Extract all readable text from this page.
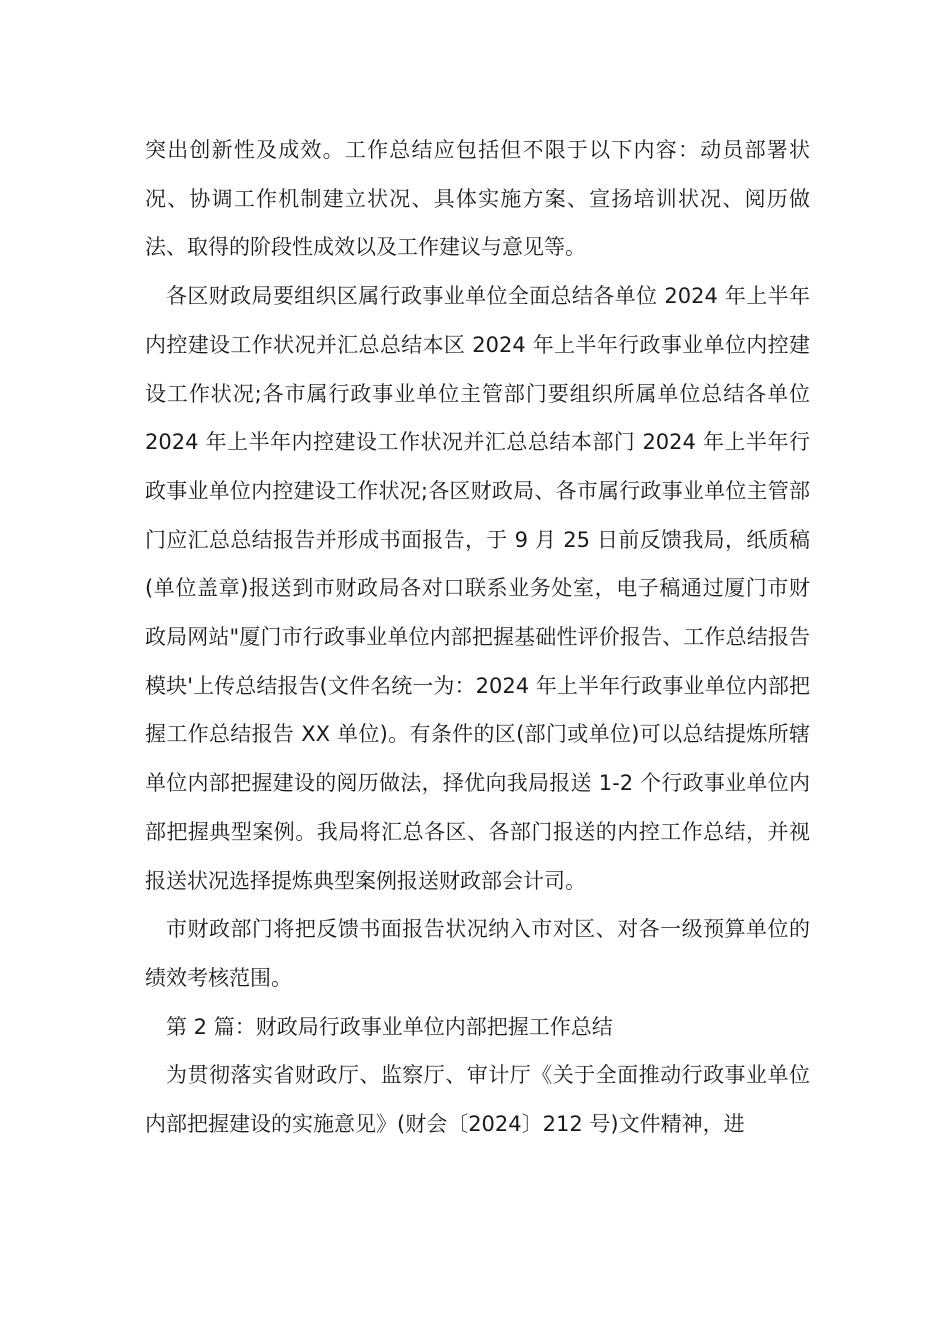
突出创新性及成效。工作总结应包括但不限于以下内容：动员部署状况、协调工作机制建立状况、具体实施方案、宣扬培训状况、阅历做法、取得的阶段性成效以及工作建议与意见等。

各区财政局要组织区属行政事业单位全面总结各单位 2024 年上半年内控建设工作状况并汇总总结本区 2024 年上半年行政事业单位内控建设工作状况;各市属行政事业单位主管部门要组织所属单位总结各单位 2024 年上半年内控建设工作状况并汇总总结本部门 2024 年上半年行政事业单位内控建设工作状况;各区财政局、各市属行政事业单位主管部门应汇总总结报告并形成书面报告，于 9 月 25 日前反馈我局，纸质稿(单位盖章)报送到市财政局各对口联系业务处室，电子稿通过厦门市财政局网站"厦门市行政事业单位内部把握基础性评价报告、工作总结报告模块'上传总结报告(文件名统一为：2024 年上半年行政事业单位内部把握工作总结报告 XX 单位)。有条件的区(部门或单位)可以总结提炼所辖单位内部把握建设的阅历做法，择优向我局报送 1-2 个行政事业单位内部把握典型案例。我局将汇总各区、各部门报送的内控工作总结，并视报送状况选择提炼典型案例报送财政部会计司。

市财政部门将把反馈书面报告状况纳入市对区、对各一级预算单位的绩效考核范围。

第 2 篇：财政局行政事业单位内部把握工作总结

为贯彻落实省财政厅、监察厅、审计厅《关于全面推动行政事业单位内部把握建设的实施意见》(财会〔2024〕212 号)文件精神，进
